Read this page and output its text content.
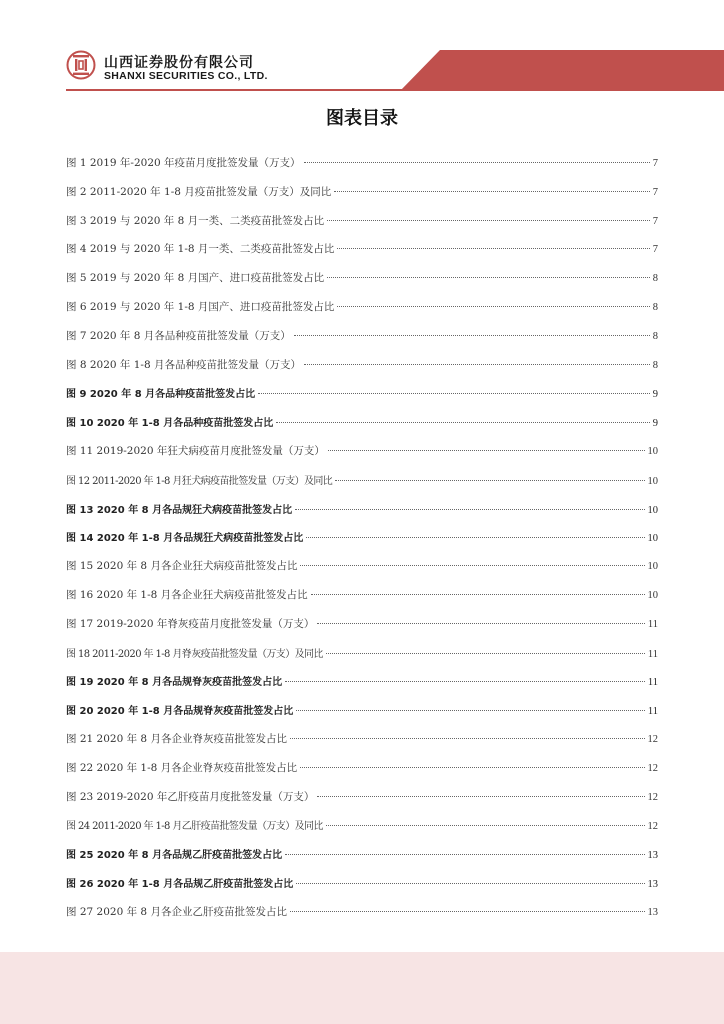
山西证券股份有限公司
SHANXI SECURITIES CO., LTD.
图表目录
图 1 2019 年-2020 年疫苗月度批签发量（万支）	7
图 2 2011-2020 年 1-8 月疫苗批签发量（万支）及同比	7
图 3 2019 与 2020 年 8 月一类、二类疫苗批签发占比	7
图 4 2019 与 2020 年 1-8 月一类、二类疫苗批签发占比	7
图 5 2019 与 2020 年 8 月国产、进口疫苗批签发占比	8
图 6 2019 与 2020 年 1-8 月国产、进口疫苗批签发占比	8
图 7 2020 年 8 月各品种疫苗批签发量（万支）	8
图 8 2020 年 1-8 月各品种疫苗批签发量（万支）	8
图 9 2020 年 8 月各品种疫苗批签发占比	9
图 10 2020 年 1-8 月各品种疫苗批签发占比	9
图 11 2019-2020 年狂犬病疫苗月度批签发量（万支）	10
图 12 2011-2020 年 1-8 月狂犬病疫苗批签发量（万支）及同比	10
图 13 2020 年 8 月各品规狂犬病疫苗批签发占比	10
图 14 2020 年 1-8 月各品规狂犬病疫苗批签发占比	10
图 15 2020 年 8 月各企业狂犬病疫苗批签发占比	10
图 16 2020 年 1-8 月各企业狂犬病疫苗批签发占比	10
图 17 2019-2020 年脊灰疫苗月度批签发量（万支）	11
图 18 2011-2020 年 1-8 月脊灰疫苗批签发量（万支）及同比	11
图 19 2020 年 8 月各品规脊灰疫苗批签发占比	11
图 20 2020 年 1-8 月各品规脊灰疫苗批签发占比	11
图 21 2020 年 8 月各企业脊灰疫苗批签发占比	12
图 22 2020 年 1-8 月各企业脊灰疫苗批签发占比	12
图 23 2019-2020 年乙肝疫苗月度批签发量（万支）	12
图 24 2011-2020 年 1-8 月乙肝疫苗批签发量（万支）及同比	12
图 25 2020 年 8 月各品规乙肝疫苗批签发占比	13
图 26 2020 年 1-8 月各品规乙肝疫苗批签发占比	13
图 27 2020 年 8 月各企业乙肝疫苗批签发占比	13
